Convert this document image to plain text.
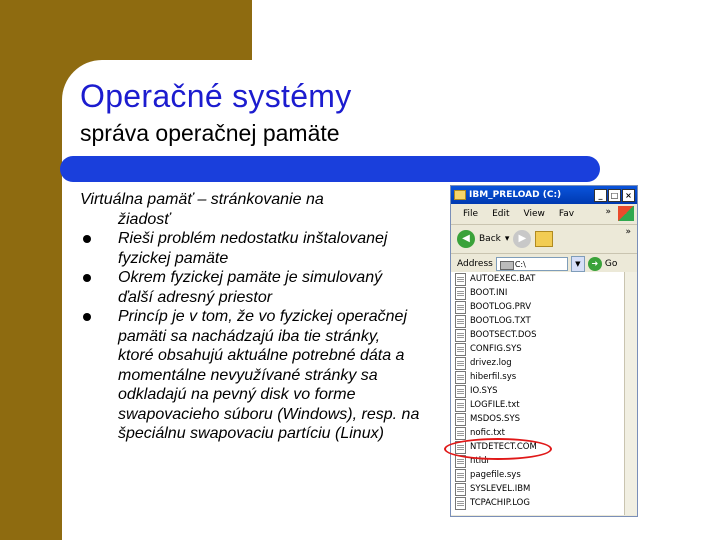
Operačné systémy
správa operačnej pamäte

Virtuálna pamäť – stránkovanie na
žiadosť

Rieši problém nedostatku inštalovanej fyzickej pamäte
Okrem fyzickej pamäte je simulovaný ďalší adresný priestor
Princíp je v tom, že vo fyzickej operačnej pamäti sa nachádzajú iba tie stránky, ktoré obsahujú aktuálne potrebné dáta a momentálne nevyužívané stránky sa odkladajú na pevný disk vo forme swapovacieho súboru (Windows), resp. na špeciálnu swapovaciu partíciu (Linux)
IBM_PRELOAD (C:)	_	□ ×
File Edit View Fav	»
◀	Back ▾ ▶
»
Address	C:\	▼	➜ Go
AUTOEXEC.BAT
BOOT.INI
BOOTLOG.PRV
BOOTLOG.TXT
BOOTSECT.DOS
CONFIG.SYS
drivez.log
hiberfil.sys
IO.SYS
LOGFILE.txt
MSDOS.SYS
nofic.txt
NTDETECT.COM
ntldr
pagefile.sys
SYSLEVEL.IBM
TCPACHIP.LOG
